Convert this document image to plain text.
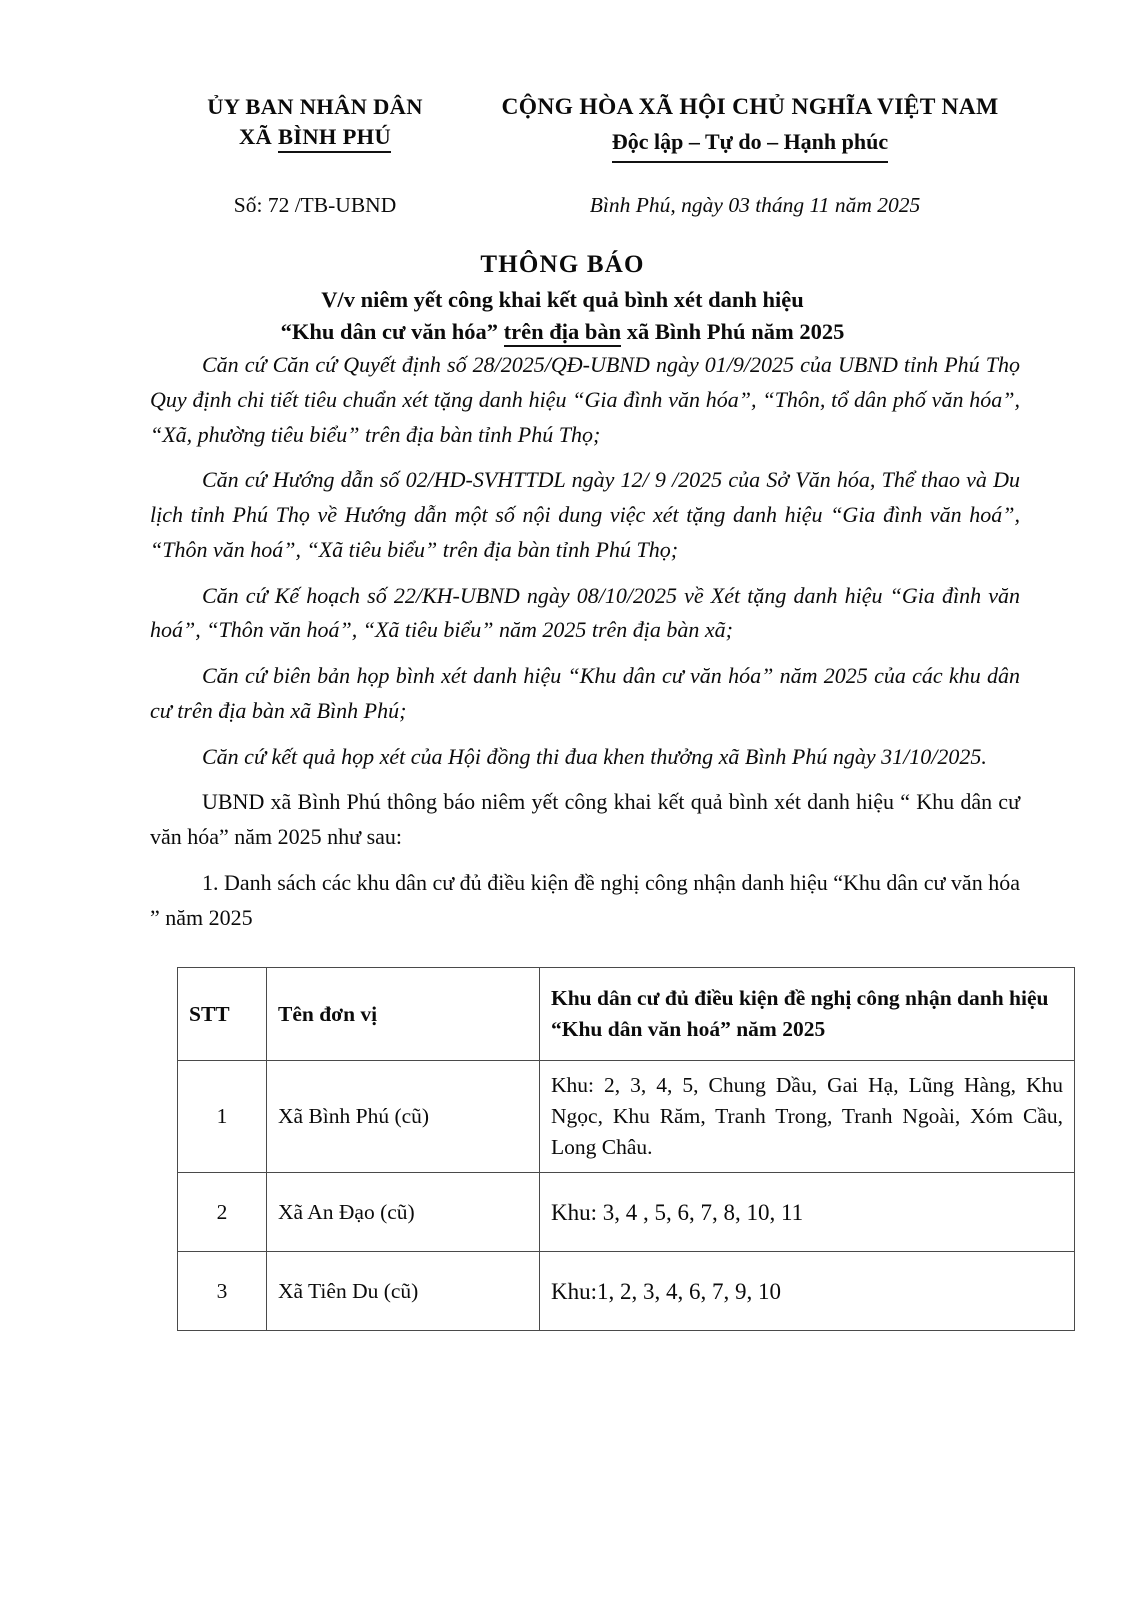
ỦY BAN NHÂN DÂN
XÃ BÌNH PHÚ
CỘNG HÒA XÃ HỘI CHỦ NGHĨA VIỆT NAM
Độc lập – Tự do – Hạnh phúc
Số: 72 /TB-UBND	Bình Phú, ngày 03 tháng 11 năm 2025
THÔNG BÁO
V/v niêm yết công khai kết quả bình xét danh hiệu
“Khu dân cư văn hóa” trên địa bàn xã Bình Phú năm 2025

Căn cứ Căn cứ Quyết định số 28/2025/QĐ-UBND ngày 01/9/2025 của UBND tỉnh Phú Thọ Quy định chi tiết tiêu chuẩn xét tặng danh hiệu “Gia đình văn hóa”, “Thôn, tổ dân phố văn hóa”, “Xã, phường tiêu biểu” trên địa bàn tỉnh Phú Thọ;

Căn cứ Hướng dẫn số 02/HD-SVHTTDL ngày 12/ 9 /2025 của Sở Văn hóa, Thể thao và Du lịch tỉnh Phú Thọ về Hướng dẫn một số nội dung việc xét tặng danh hiệu “Gia đình văn hoá”, “Thôn văn hoá”, “Xã tiêu biểu” trên địa bàn tỉnh Phú Thọ;

Căn cứ Kế hoạch số 22/KH-UBND ngày 08/10/2025 về Xét tặng danh hiệu “Gia đình văn hoá”, “Thôn văn hoá”, “Xã tiêu biểu” năm 2025 trên địa bàn xã;

Căn cứ biên bản họp bình xét danh hiệu “Khu dân cư văn hóa” năm 2025 của các khu dân cư trên địa bàn xã Bình Phú;

Căn cứ kết quả họp xét của Hội đồng thi đua khen thưởng xã Bình Phú ngày 31/10/2025.

UBND xã Bình Phú thông báo niêm yết công khai kết quả bình xét danh hiệu “ Khu dân cư văn hóa” năm 2025 như sau:

1. Danh sách các khu dân cư đủ điều kiện đề nghị công nhận danh hiệu “Khu dân cư văn hóa ” năm 2025

STT	Tên đơn vị	Khu dân cư đủ điều kiện đề nghị công nhận danh hiệu “Khu dân văn hoá” năm 2025
1	Xã Bình Phú (cũ)	Khu: 2, 3, 4, 5, Chung Dầu, Gai Hạ, Lũng Hàng, Khu Ngọc, Khu Răm, Tranh Trong, Tranh Ngoài, Xóm Cầu, Long Châu.
2	Xã An Đạo (cũ)	Khu: 3, 4 , 5, 6, 7, 8, 10, 11
3	Xã Tiên Du (cũ)	Khu:1, 2, 3, 4, 6, 7, 9, 10
